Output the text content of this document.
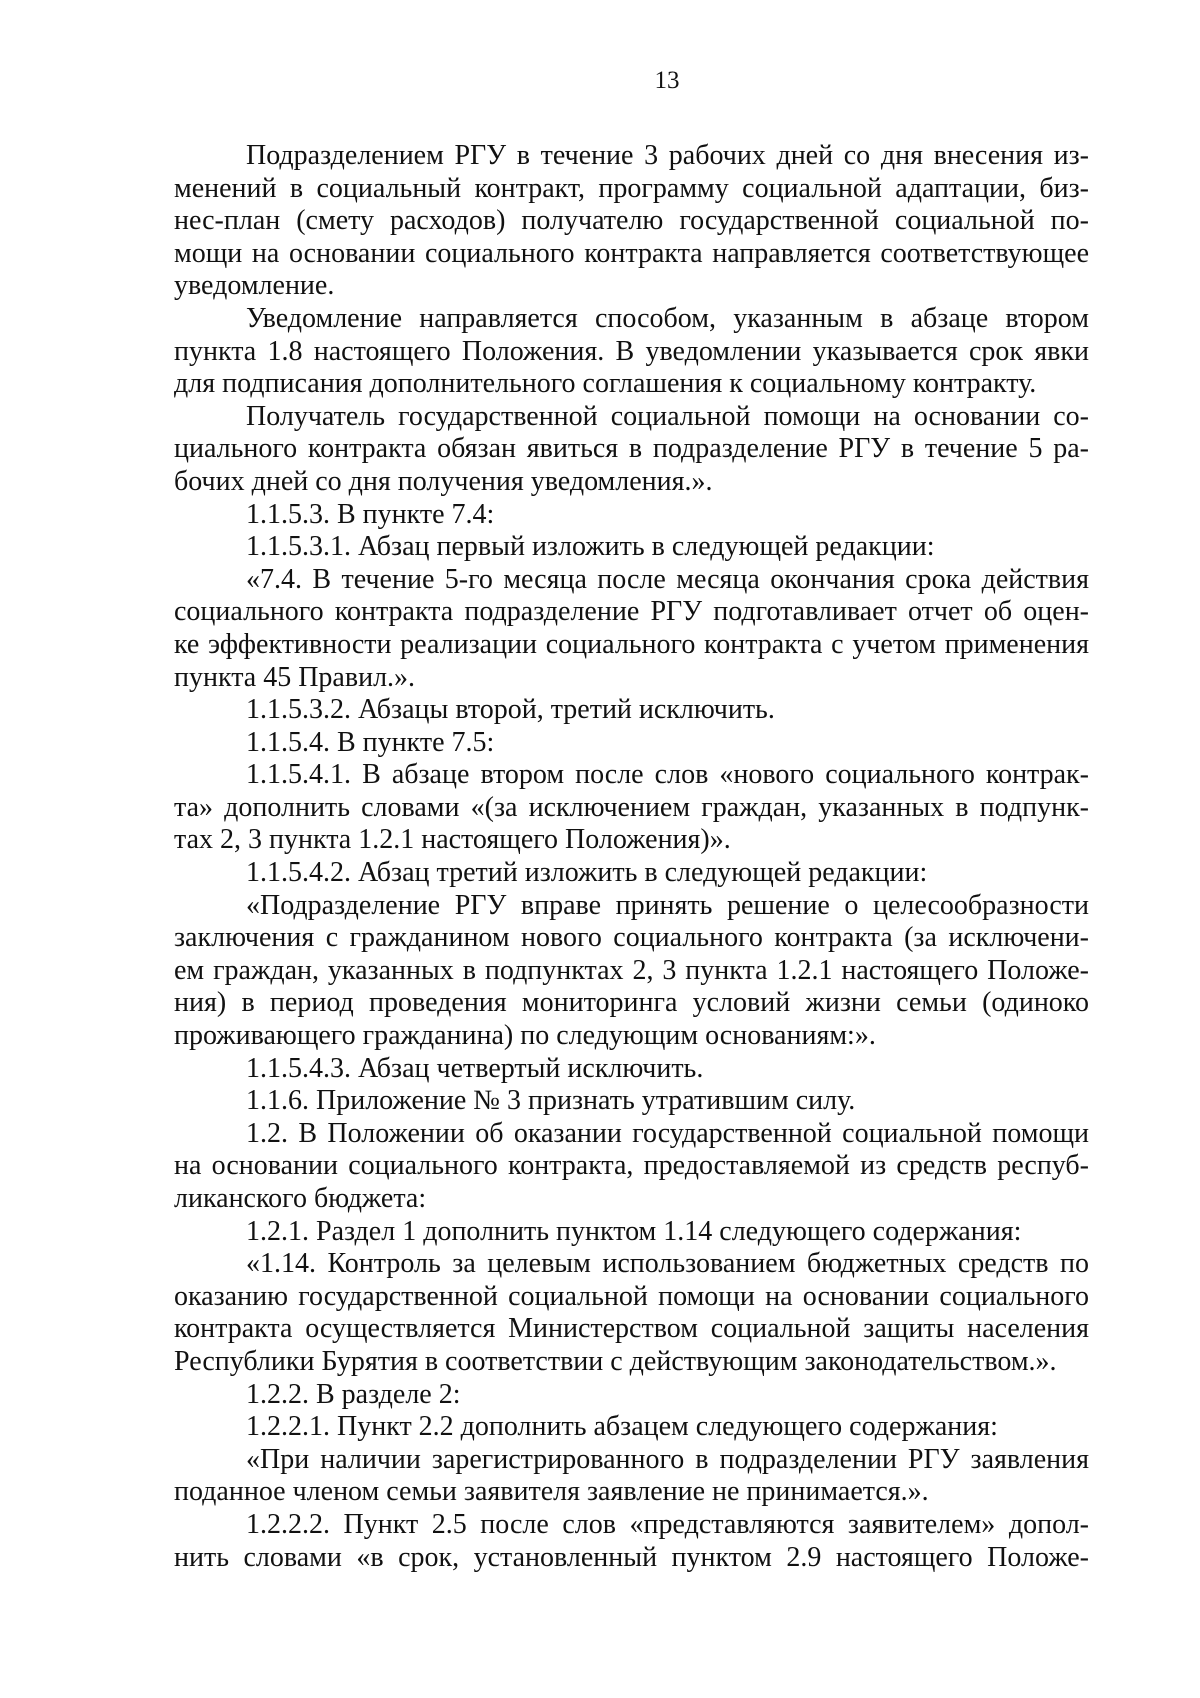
13
Подразделением РГУ в течение 3 рабочих дней со дня внесения из-
менений в социальный контракт, программу социальной адаптации, биз-
нес-план (смету расходов) получателю государственной социальной по-
мощи на основании социального контракта направляется соответствующее
уведомление.
Уведомление направляется способом, указанным в абзаце втором
пункта 1.8 настоящего Положения. В уведомлении указывается срок явки
для подписания дополнительного соглашения к социальному контракту.
Получатель государственной социальной помощи на основании со-
циального контракта обязан явиться в подразделение РГУ в течение 5 ра-
бочих дней со дня получения уведомления.».
1.1.5.3. В пункте 7.4:
1.1.5.3.1. Абзац первый изложить в следующей редакции:
«7.4. В течение 5-го месяца после месяца окончания срока действия
социального контракта подразделение РГУ подготавливает отчет об оцен-
ке эффективности реализации социального контракта с учетом применения
пункта 45 Правил.».
1.1.5.3.2. Абзацы второй, третий исключить.
1.1.5.4. В пункте 7.5:
1.1.5.4.1. В абзаце втором после слов «нового социального контрак-
та» дополнить словами «(за исключением граждан, указанных в подпунк-
тах 2, 3 пункта 1.2.1 настоящего Положения)».
1.1.5.4.2. Абзац третий изложить в следующей редакции:
«Подразделение РГУ вправе принять решение о целесообразности
заключения с гражданином нового социального контракта (за исключени-
ем граждан, указанных в подпунктах 2, 3 пункта 1.2.1 настоящего Положе-
ния) в период проведения мониторинга условий жизни семьи (одиноко
проживающего гражданина) по следующим основаниям:».
1.1.5.4.3. Абзац четвертый исключить.
1.1.6. Приложение № 3 признать утратившим силу.
1.2. В Положении об оказании государственной социальной помощи
на основании социального контракта, предоставляемой из средств респуб-
ликанского бюджета:
1.2.1. Раздел 1 дополнить пунктом 1.14 следующего содержания:
«1.14. Контроль за целевым использованием бюджетных средств по
оказанию государственной социальной помощи на основании социального
контракта осуществляется Министерством социальной защиты населения
Республики Бурятия в соответствии с действующим законодательством.».
1.2.2. В разделе 2:
1.2.2.1. Пункт 2.2 дополнить абзацем следующего содержания:
«При наличии зарегистрированного в подразделении РГУ заявления
поданное членом семьи заявителя заявление не принимается.».
1.2.2.2. Пункт 2.5 после слов «представляются заявителем» допол-
нить словами «в срок, установленный пунктом 2.9 настоящего Положе-
